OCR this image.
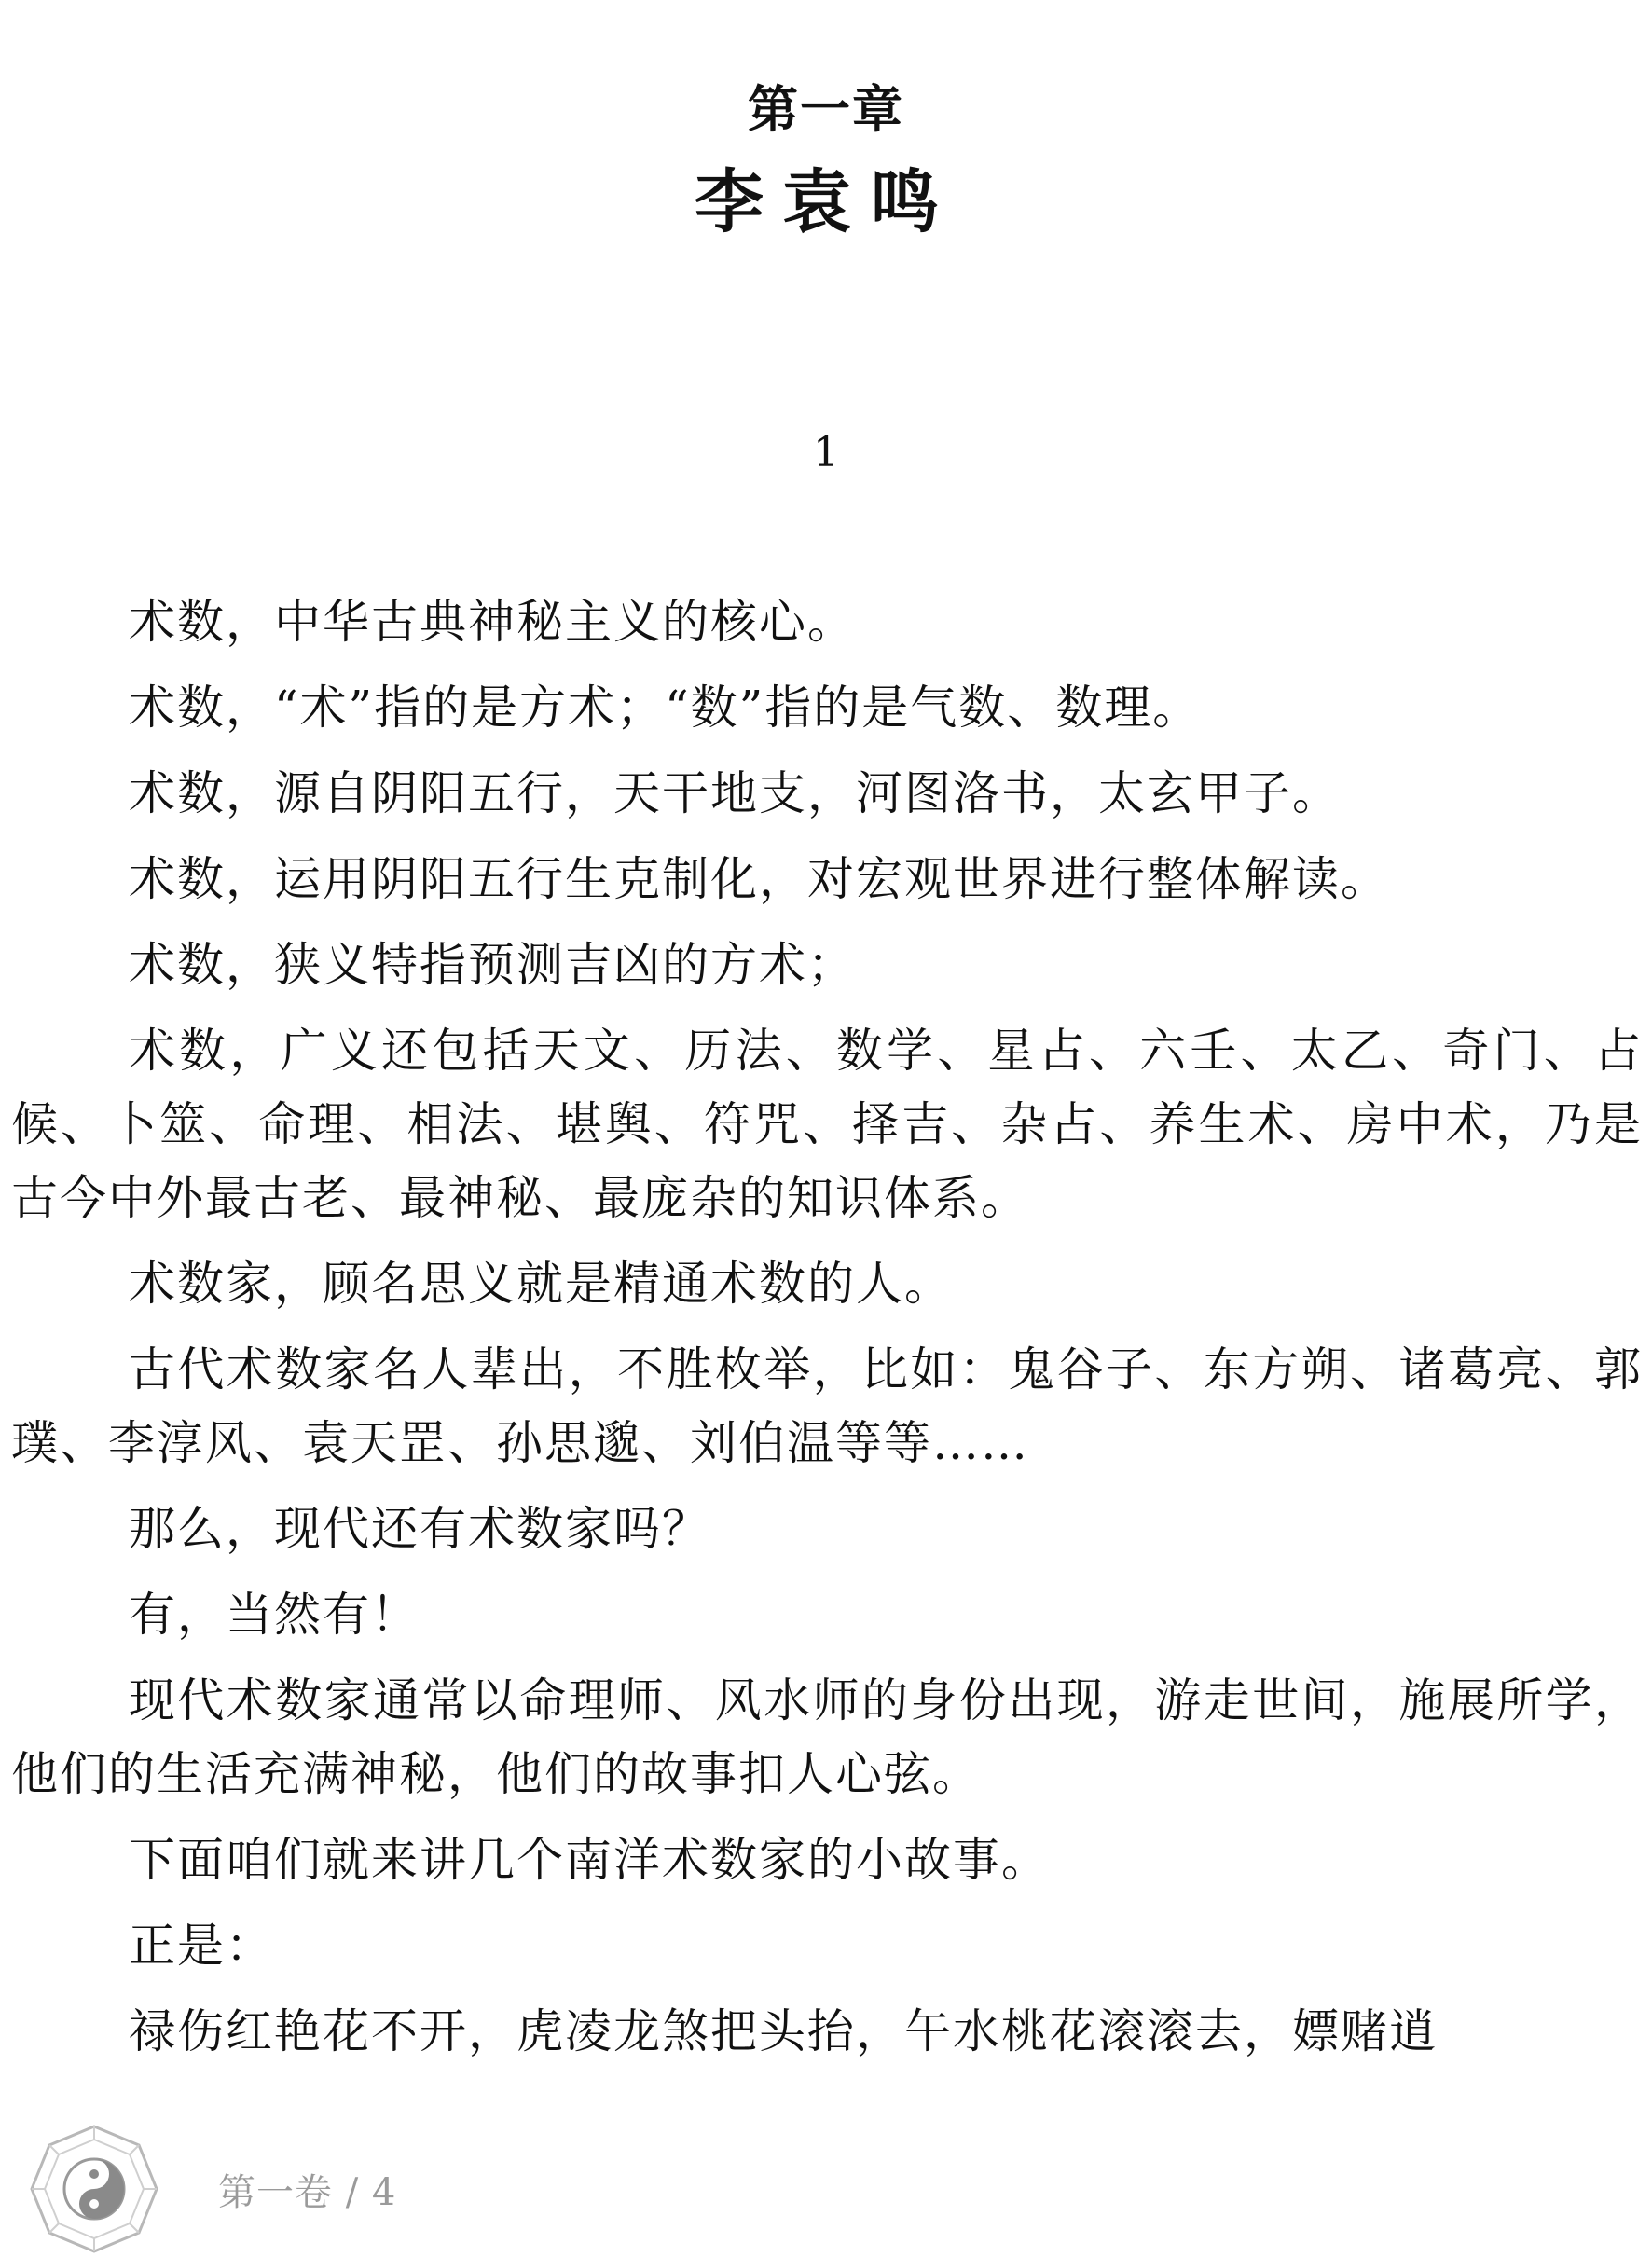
第一章
李袁鸣
1

术数，中华古典神秘主义的核心。

术数，“术”指的是方术；“数”指的是气数、数理。

术数，源自阴阳五行，天干地支，河图洛书，太玄甲子。

术数，运用阴阳五行生克制化，对宏观世界进行整体解读。

术数，狭义特指预测吉凶的方术；

术数，广义还包括天文、历法、数学、星占、六壬、太乙、奇门、占候、卜筮、命理、相法、堪舆、符咒、择吉、杂占、养生术、房中术，乃是古今中外最古老、最神秘、最庞杂的知识体系。

术数家，顾名思义就是精通术数的人。

古代术数家名人辈出，不胜枚举，比如：鬼谷子、东方朔、诸葛亮、郭璞、李淳风、袁天罡、孙思邈、刘伯温等等……

那么，现代还有术数家吗？

有，当然有！

现代术数家通常以命理师、风水师的身份出现，游走世间，施展所学，他们的生活充满神秘，他们的故事扣人心弦。

下面咱们就来讲几个南洋术数家的小故事。

正是：

禄伤红艳花不开，虎凌龙煞把头抬，午水桃花滚滚去，嫖赌逍

第一卷 / 4
